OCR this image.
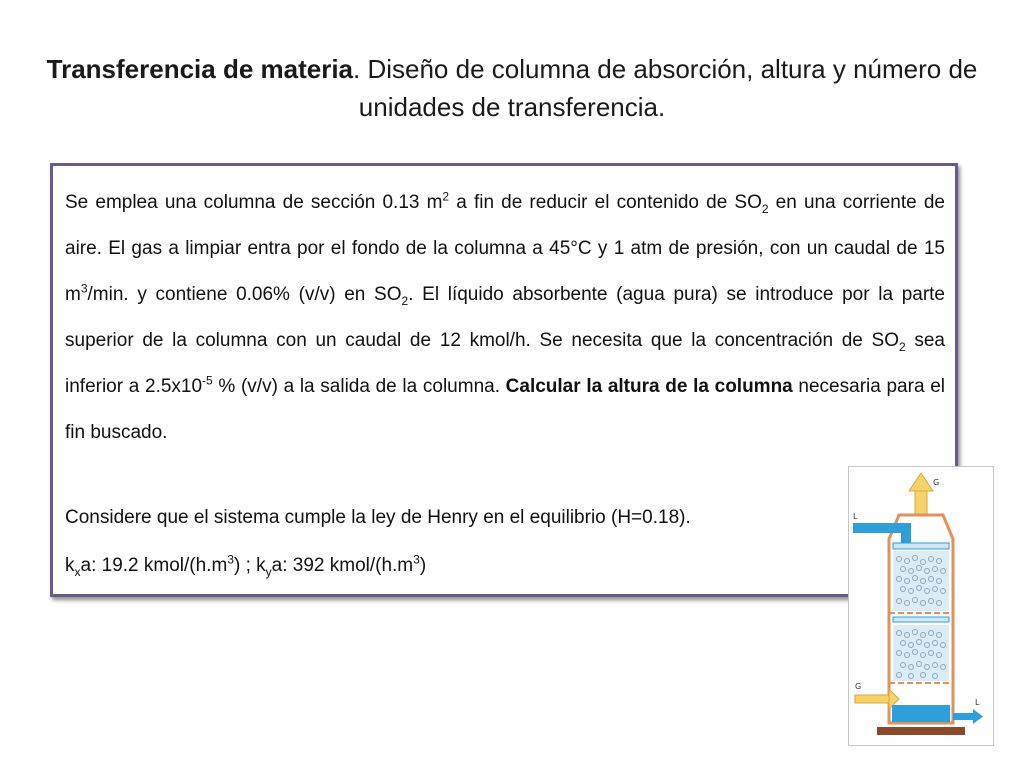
Transferencia de materia. Diseño de columna de absorción, altura y número de unidades de transferencia.

Se emplea una columna de sección 0.13 $m^2$ a fin de reducir el contenido de $SO_2$ en una corriente de aire. El gas a limpiar entra por el fondo de la columna a 45°C y 1 atm de presión, con un caudal de 15 $m^3/\min$. y contiene 0.06% (v/v) en $SO_2$. El líquido absorbente (agua pura) se introduce por la parte superior de la columna con un caudal de 12 kmol/h. Se necesita que la concentración de $SO_2$ sea inferior a $2.5x10^{-5}$ % (v/v) a la salida de la columna. Calcular la altura de la columna necesaria para el fin buscado.

Considere que el sistema cumple la ley de Henry en el equilibrio (H=0.18).

$k_xa$: 19.2 kmol/$(h.m^3)$ ; $k_ya$: 392 kmol/$(h.m^3)$

G
L
G
L
